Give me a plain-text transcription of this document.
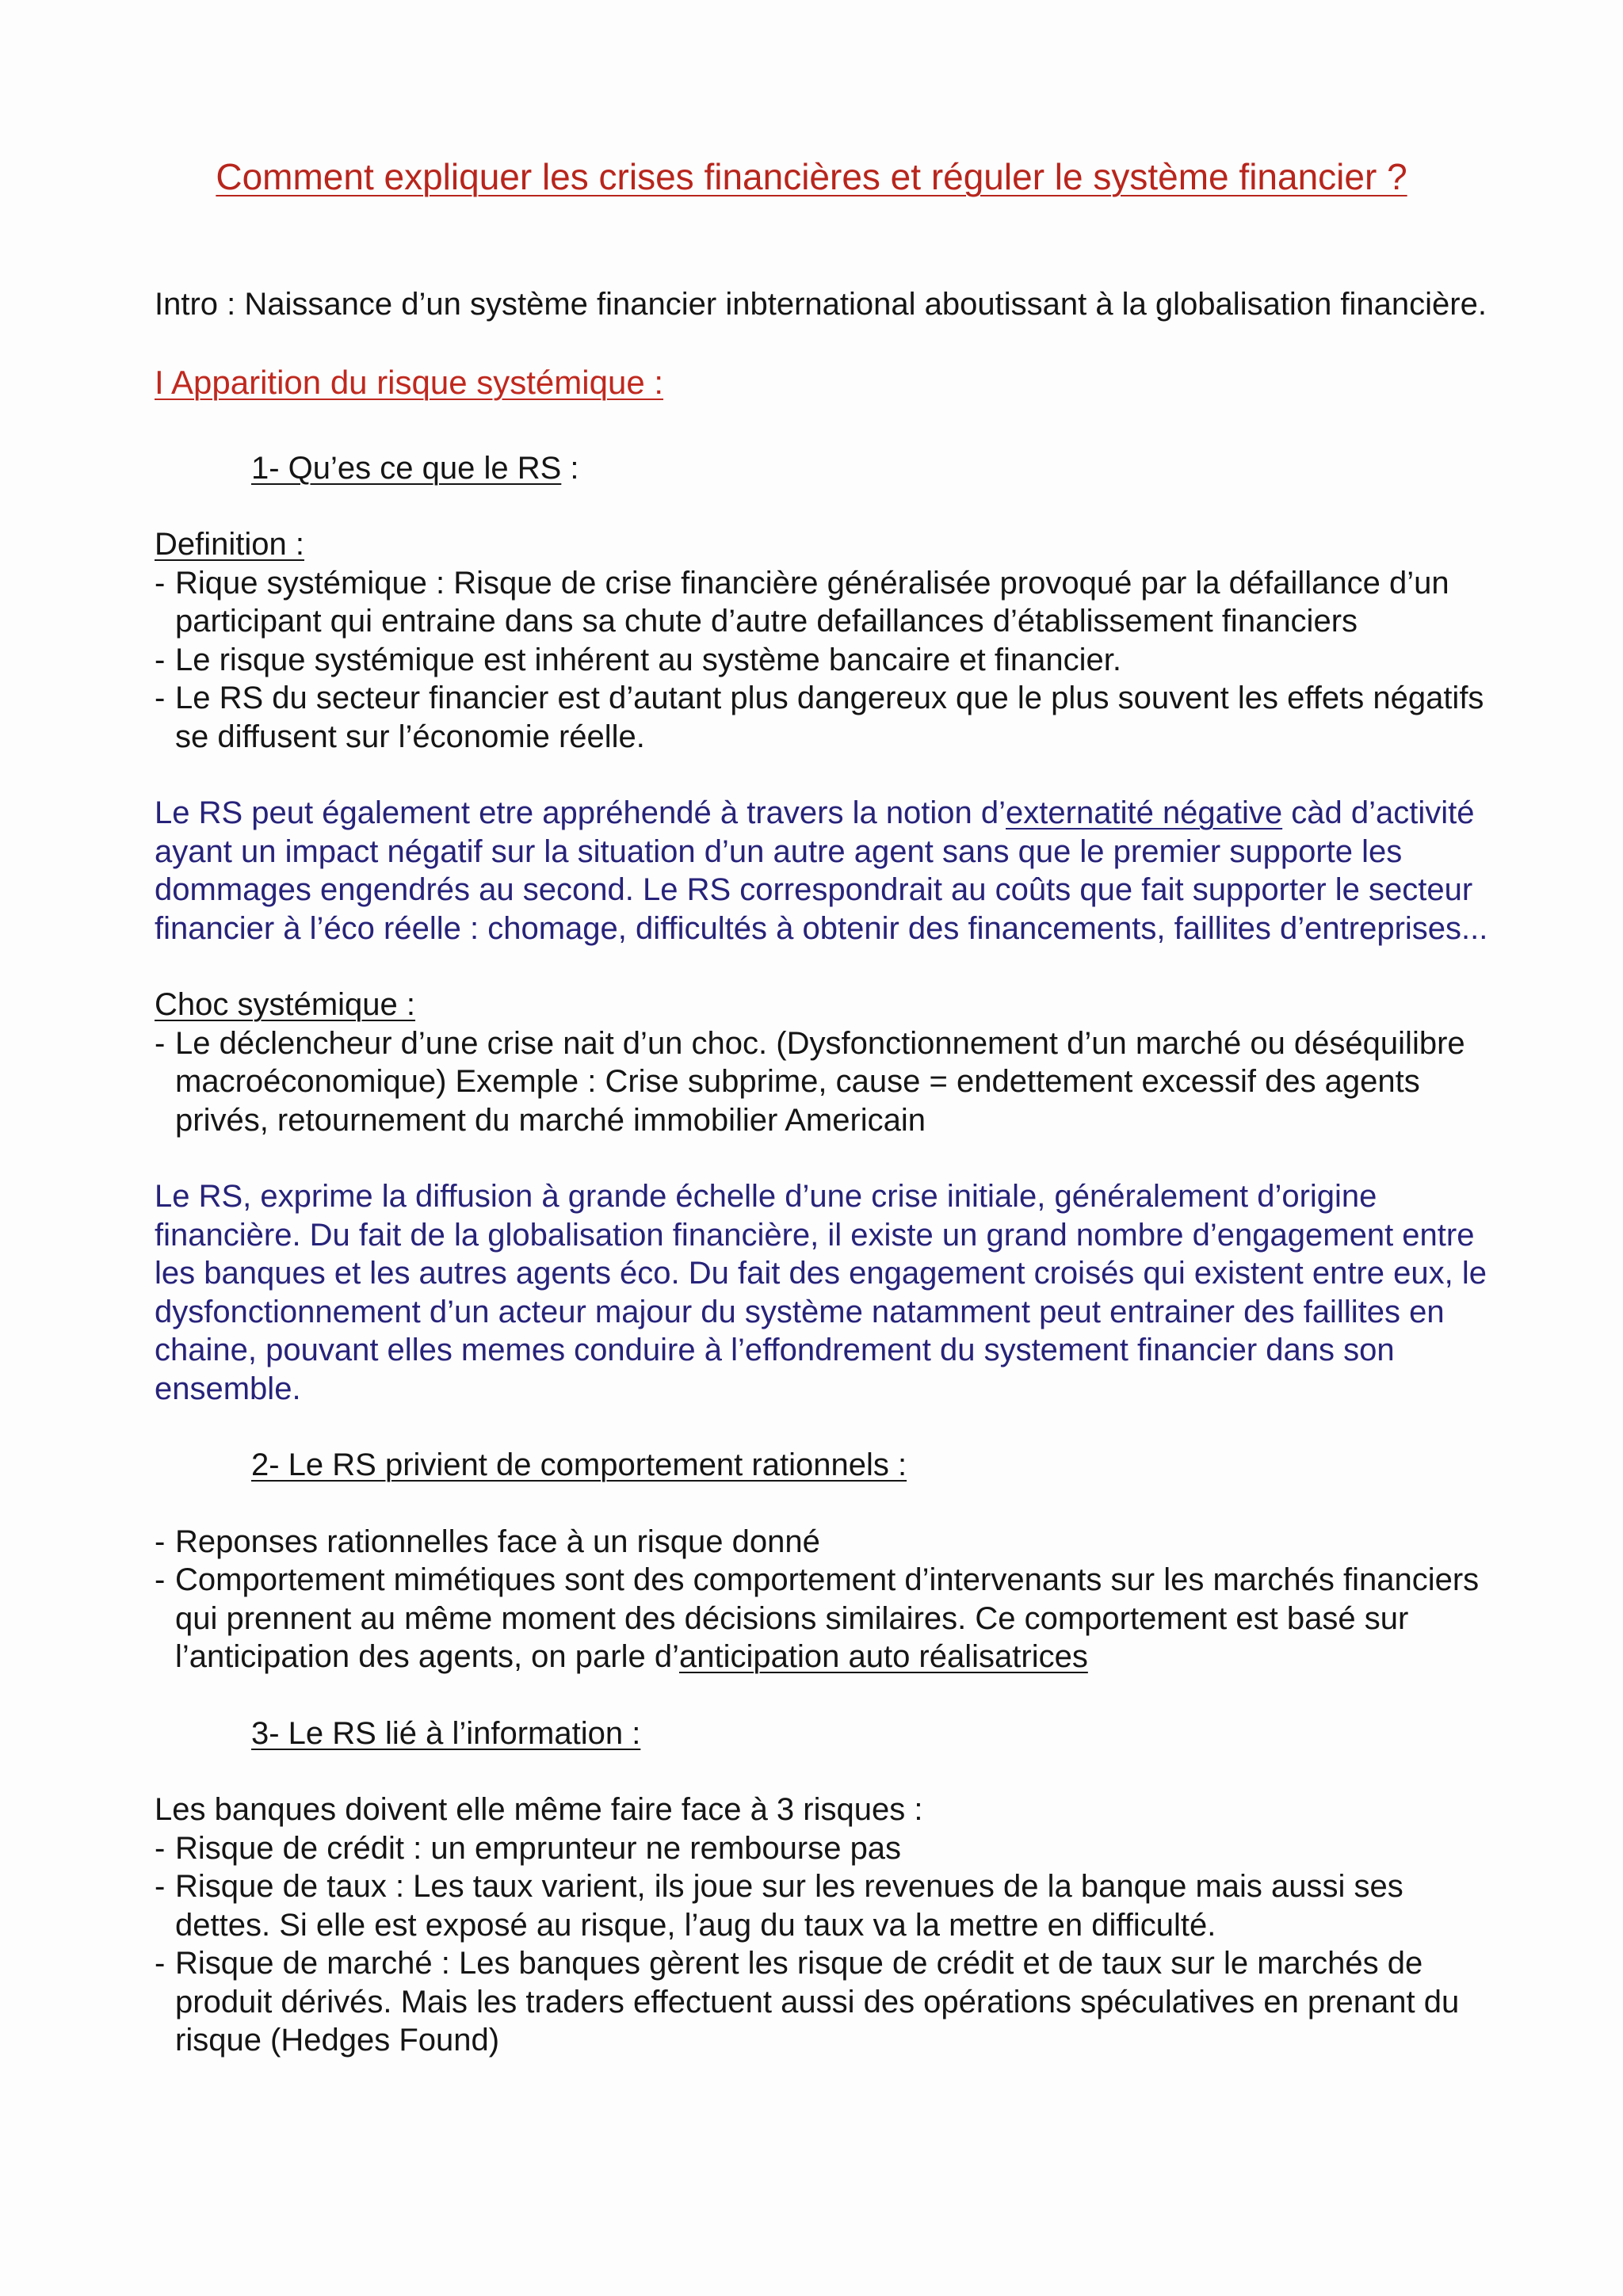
Comment expliquer les crises financières et réguler le système financier ?

Intro : Naissance d’un système financier inbternational aboutissant à la globalisation financière.

I Apparition du risque systémique :

1- Qu’es ce que le RS :

Definition :

- Rique systémique : Risque de crise financière généralisée provoqué par la défaillance d’un participant qui entraine dans sa chute d’autre defaillances d’établissement financiers
- Le risque systémique est inhérent au système bancaire et financier.
- Le RS du secteur financier est d’autant plus dangereux que le plus souvent les effets négatifs se diffusent sur l’économie réelle.

Le RS peut également etre appréhendé à travers la notion d’externatité négative càd d’activité ayant un impact négatif sur la situation d’un autre agent sans que le premier supporte les dommages engendrés au second. Le RS correspondrait au coûts que fait supporter le secteur financier à l’éco réelle : chomage, difficultés à obtenir des financements, faillites d’entreprises...

Choc systémique :

- Le déclencheur d’une crise nait d’un choc. (Dysfonctionnement d’un marché ou déséquilibre macroéconomique) Exemple : Crise subprime, cause = endettement excessif des agents privés, retournement du marché immobilier Americain

Le RS, exprime la diffusion à grande échelle d’une crise initiale, généralement d’origine financière. Du fait de la globalisation financière, il existe un grand nombre d’engagement entre les banques et les autres agents éco. Du fait des engagement croisés qui existent entre eux, le dysfonctionnement d’un acteur majour du système natamment peut entrainer des faillites en chaine, pouvant elles memes conduire à l’effondrement du systement financier dans son ensemble.

2- Le RS privient de comportement rationnels :

- Reponses rationnelles face à un risque donné
- Comportement mimétiques sont des comportement d’intervenants sur les marchés financiers qui prennent au même moment des décisions similaires. Ce comportement est basé sur l’anticipation des agents, on parle d’anticipation auto réalisatrices

3- Le RS lié à l’information :

Les banques doivent elle même faire face à 3 risques :

- Risque de crédit : un emprunteur ne rembourse pas
- Risque de taux : Les taux varient, ils joue sur les revenues de la banque mais aussi ses dettes. Si elle est exposé au risque, l’aug du taux va la mettre en difficulté.
- Risque de marché : Les banques gèrent les risque de crédit et de taux sur le marchés de produit dérivés. Mais les traders effectuent aussi des opérations spéculatives en prenant du risque (Hedges Found)
